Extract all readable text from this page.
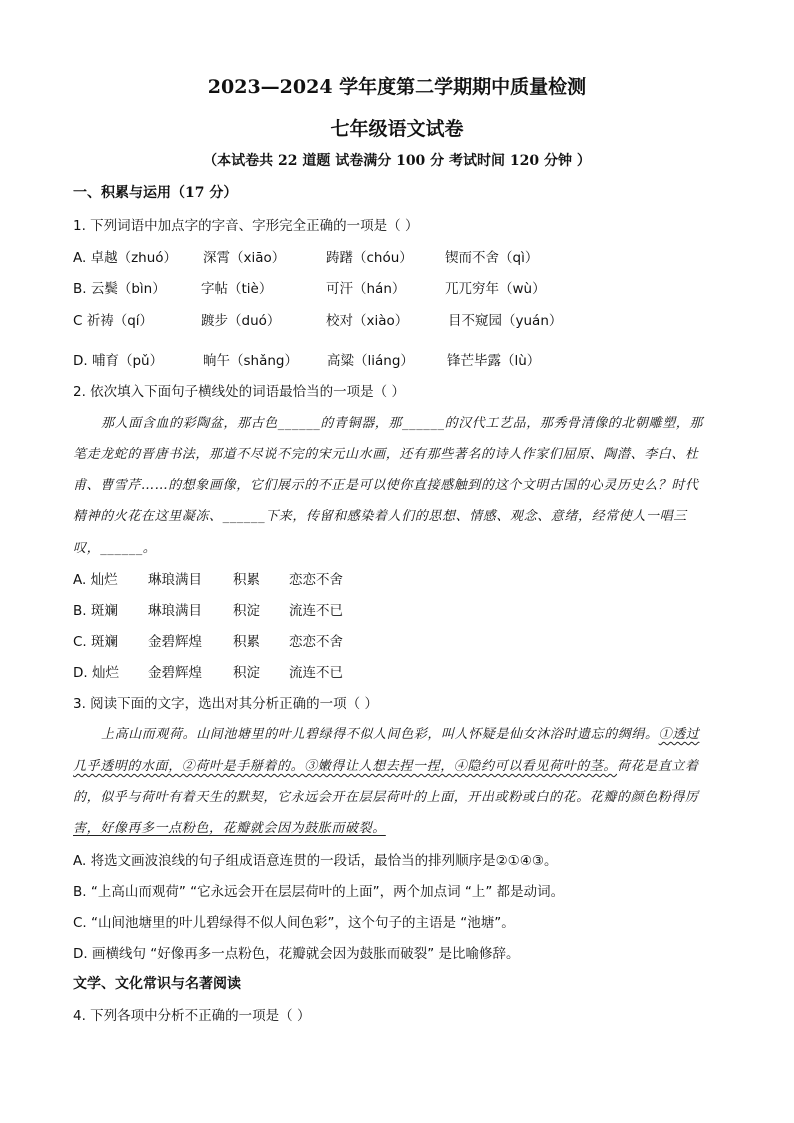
2023—2024 学年度第二学期期中质量检测
七年级语文试卷
（本试卷共 22 道题 试卷满分 100 分 考试时间 120 分钟 ）
一、积累与运用（17 分）
1. 下列词语中加点字的字音、字形完全正确的一项是（ ）
A. 卓越（zhuó） 深霄（xiāo）	踌躇（chóu） 锲而不舍（qì）
B. 云鬓（bìn）	字帖（tiè）	可汗（hán）	兀兀穷年（wù）
C 祈祷（qí）	踱步（duó）	校对（xiào）	目不窥园（yuán）
D. 哺育（pǔ）	晌午（shǎng） 高粱（liáng） 锋芒毕露（lù）
2. 依次填入下面句子横线处的词语最恰当的一项是（ ）
那人面含血的彩陶盆，那古色______的青铜器，那______的汉代工艺品，那秀骨清像的北朝雕塑，那
笔走龙蛇的晋唐书法，那道不尽说不完的宋元山水画，还有那些著名的诗人作家们屈原、陶潜、李白、杜
甫、曹雪芹……的想象画像，它们展示的不正是可以使你直接感触到的这个文明古国的心灵历史么？时代
精神的火花在这里凝冻、______下来，传留和感染着人们的思想、情感、观念、意绪，经常使人一唱三
叹，______。
A. 灿烂 琳琅满目 积累 恋恋不舍
B. 斑斓 琳琅满目 积淀 流连不已
C. 斑斓 金碧辉煌 积累 恋恋不舍
D. 灿烂 金碧辉煌 积淀 流连不已
3. 阅读下面的文字，选出对其分析正确的一项（ ）
上高山而观荷。山间池塘里的叶儿碧绿得不似人间色彩，叫人怀疑是仙女沐浴时遗忘的绸绢。①透过
几乎透明的水面，②荷叶是手掰着的。③嫩得让人想去捏一捏，④隐约可以看见荷叶的茎。荷花是直立着
的，似乎与荷叶有着天生的默契，它永远会开在层层荷叶的上面，开出或粉或白的花。花瓣的颜色粉得厉
害，好像再多一点粉色，花瓣就会因为鼓胀而破裂。
A. 将选文画波浪线的句子组成语意连贯的一段话，最恰当的排列顺序是②①④③。
B. “上高山而观荷” “它永远会开在层层荷叶的上面”，两个加点词 “上” 都是动词。
C. “山间池塘里的叶儿碧绿得不似人间色彩”，这个句子的主语是 “池塘”。
D. 画横线句 “好像再多一点粉色，花瓣就会因为鼓胀而破裂” 是比喻修辞。
文学、文化常识与名著阅读
4. 下列各项中分析不正确的一项是（ ）
